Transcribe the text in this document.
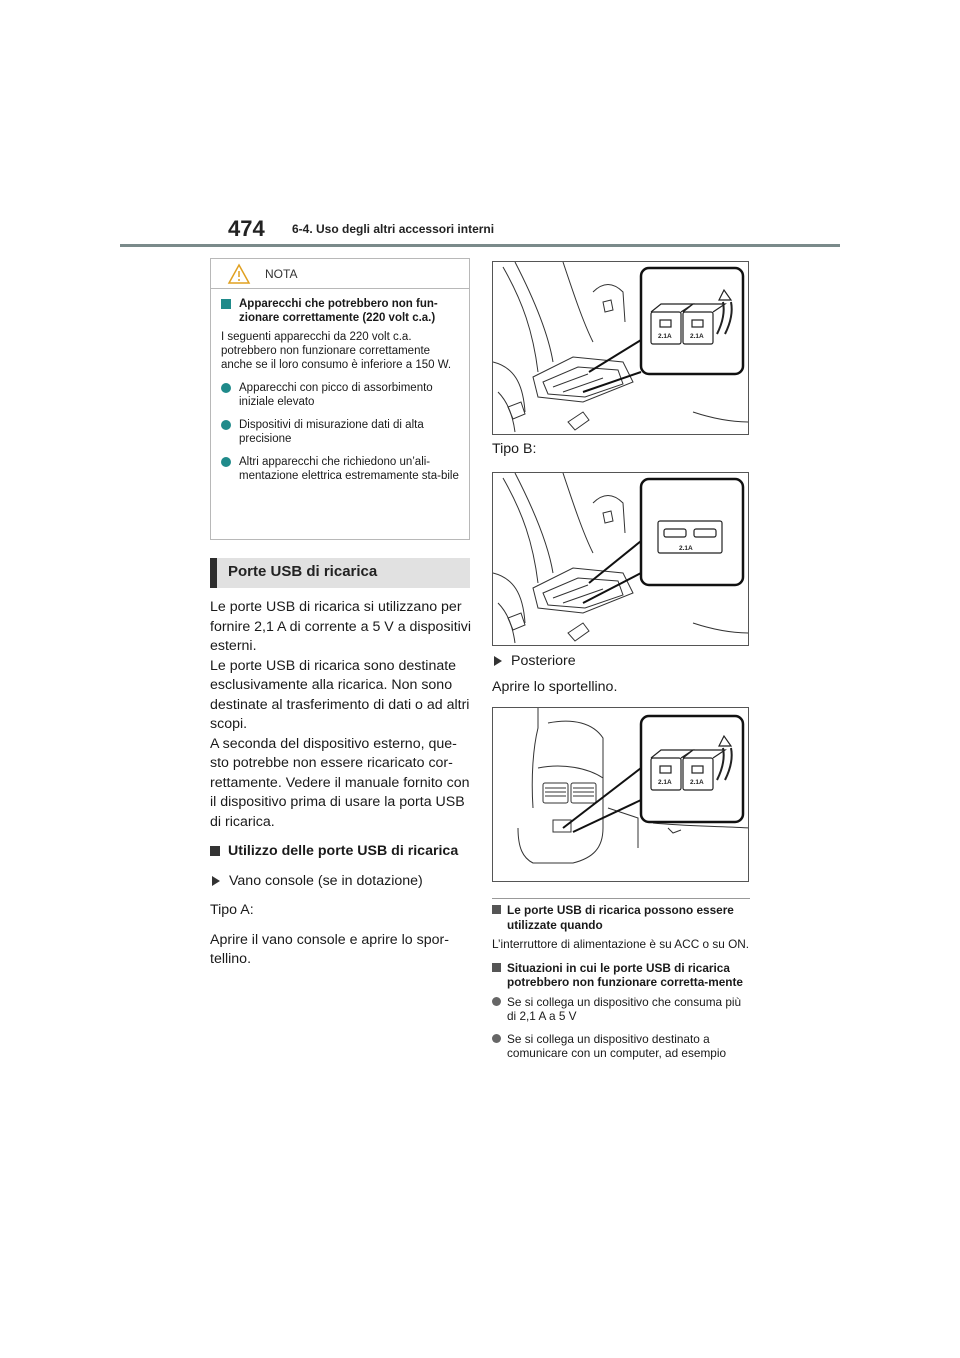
474 6-4. Uso degli altri accessori interni
NOTA
Apparecchi che potrebbero non fun-zionare correttamente (220 volt c.a.)
I seguenti apparecchi da 220 volt c.a. potrebbero non funzionare correttamente anche se il loro consumo è inferiore a 150 W.
Apparecchi con picco di assorbimento iniziale elevato
Dispositivi di misurazione dati di alta precisione
Altri apparecchi che richiedono un’ali-mentazione elettrica estremamente sta-bile
Porte USB di ricarica
Le porte USB di ricarica si utilizzano per fornire 2,1 A di corrente a 5 V a dispositivi esterni.
Le porte USB di ricarica sono destinate esclusivamente alla ricarica. Non sono destinate al trasferimento di dati o ad altri scopi.
A seconda del dispositivo esterno, que-sto potrebbe non essere ricaricato cor-rettamente. Vedere il manuale fornito con il dispositivo prima di usare la porta USB di ricarica.
Utilizzo delle porte USB di ricarica
Vano console (se in dotazione)
Tipo A:
Aprire il vano console e aprire lo spor-tellino.
2.1A	2.1A
Tipo B:
2.1A
Posteriore
Aprire lo sportellino.
2.1A	2.1A
Le porte USB di ricarica possono essere utilizzate quando
L’interruttore di alimentazione è su ACC o su ON.
Situazioni in cui le porte USB di ricarica potrebbero non funzionare corretta-mente
Se si collega un dispositivo che consuma più di 2,1 A a 5 V
Se si collega un dispositivo destinato a comunicare con un computer, ad esempio
